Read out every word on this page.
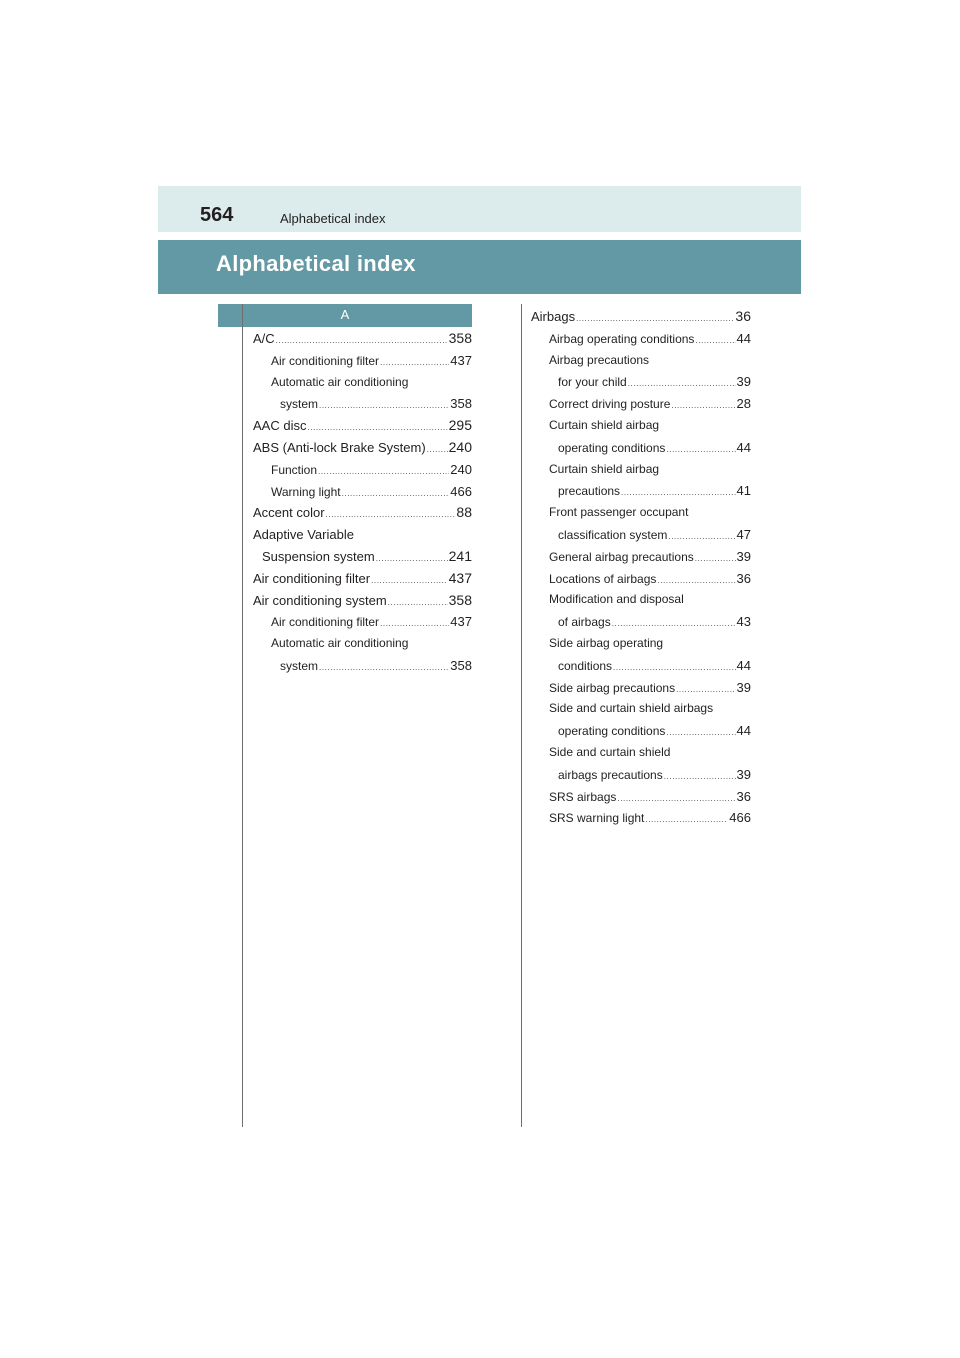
564	Alphabetical index
Alphabetical index
A
A/C .....	358
Air conditioning filter .....	437
Automatic air conditioning
system .....	358
AAC disc .....	295
ABS (Anti-lock Brake System) ..... 240
Function .....	240
Warning light .....	466
Accent color .....	88
Adaptive Variable
Suspension system .....	241
Air conditioning filter .....	437
Air conditioning system .....	358
Air conditioning filter .....	437
Automatic air conditioning
system .....	358
Airbags .....	36
Airbag operating conditions .....	44
Airbag precautions
for your child .....	39
Correct driving posture .....	28
Curtain shield airbag
operating conditions .....	44
Curtain shield airbag
precautions .....	41
Front passenger occupant
classification system .....	47
General airbag precautions .....	39
Locations of airbags .....	36
Modification and disposal
of airbags .....	43
Side airbag operating
conditions .....	44
Side airbag precautions .....	39
Side and curtain shield airbags
operating conditions .....	44
Side and curtain shield
airbags precautions .....	39
SRS airbags .....	36
SRS warning light .....	466
